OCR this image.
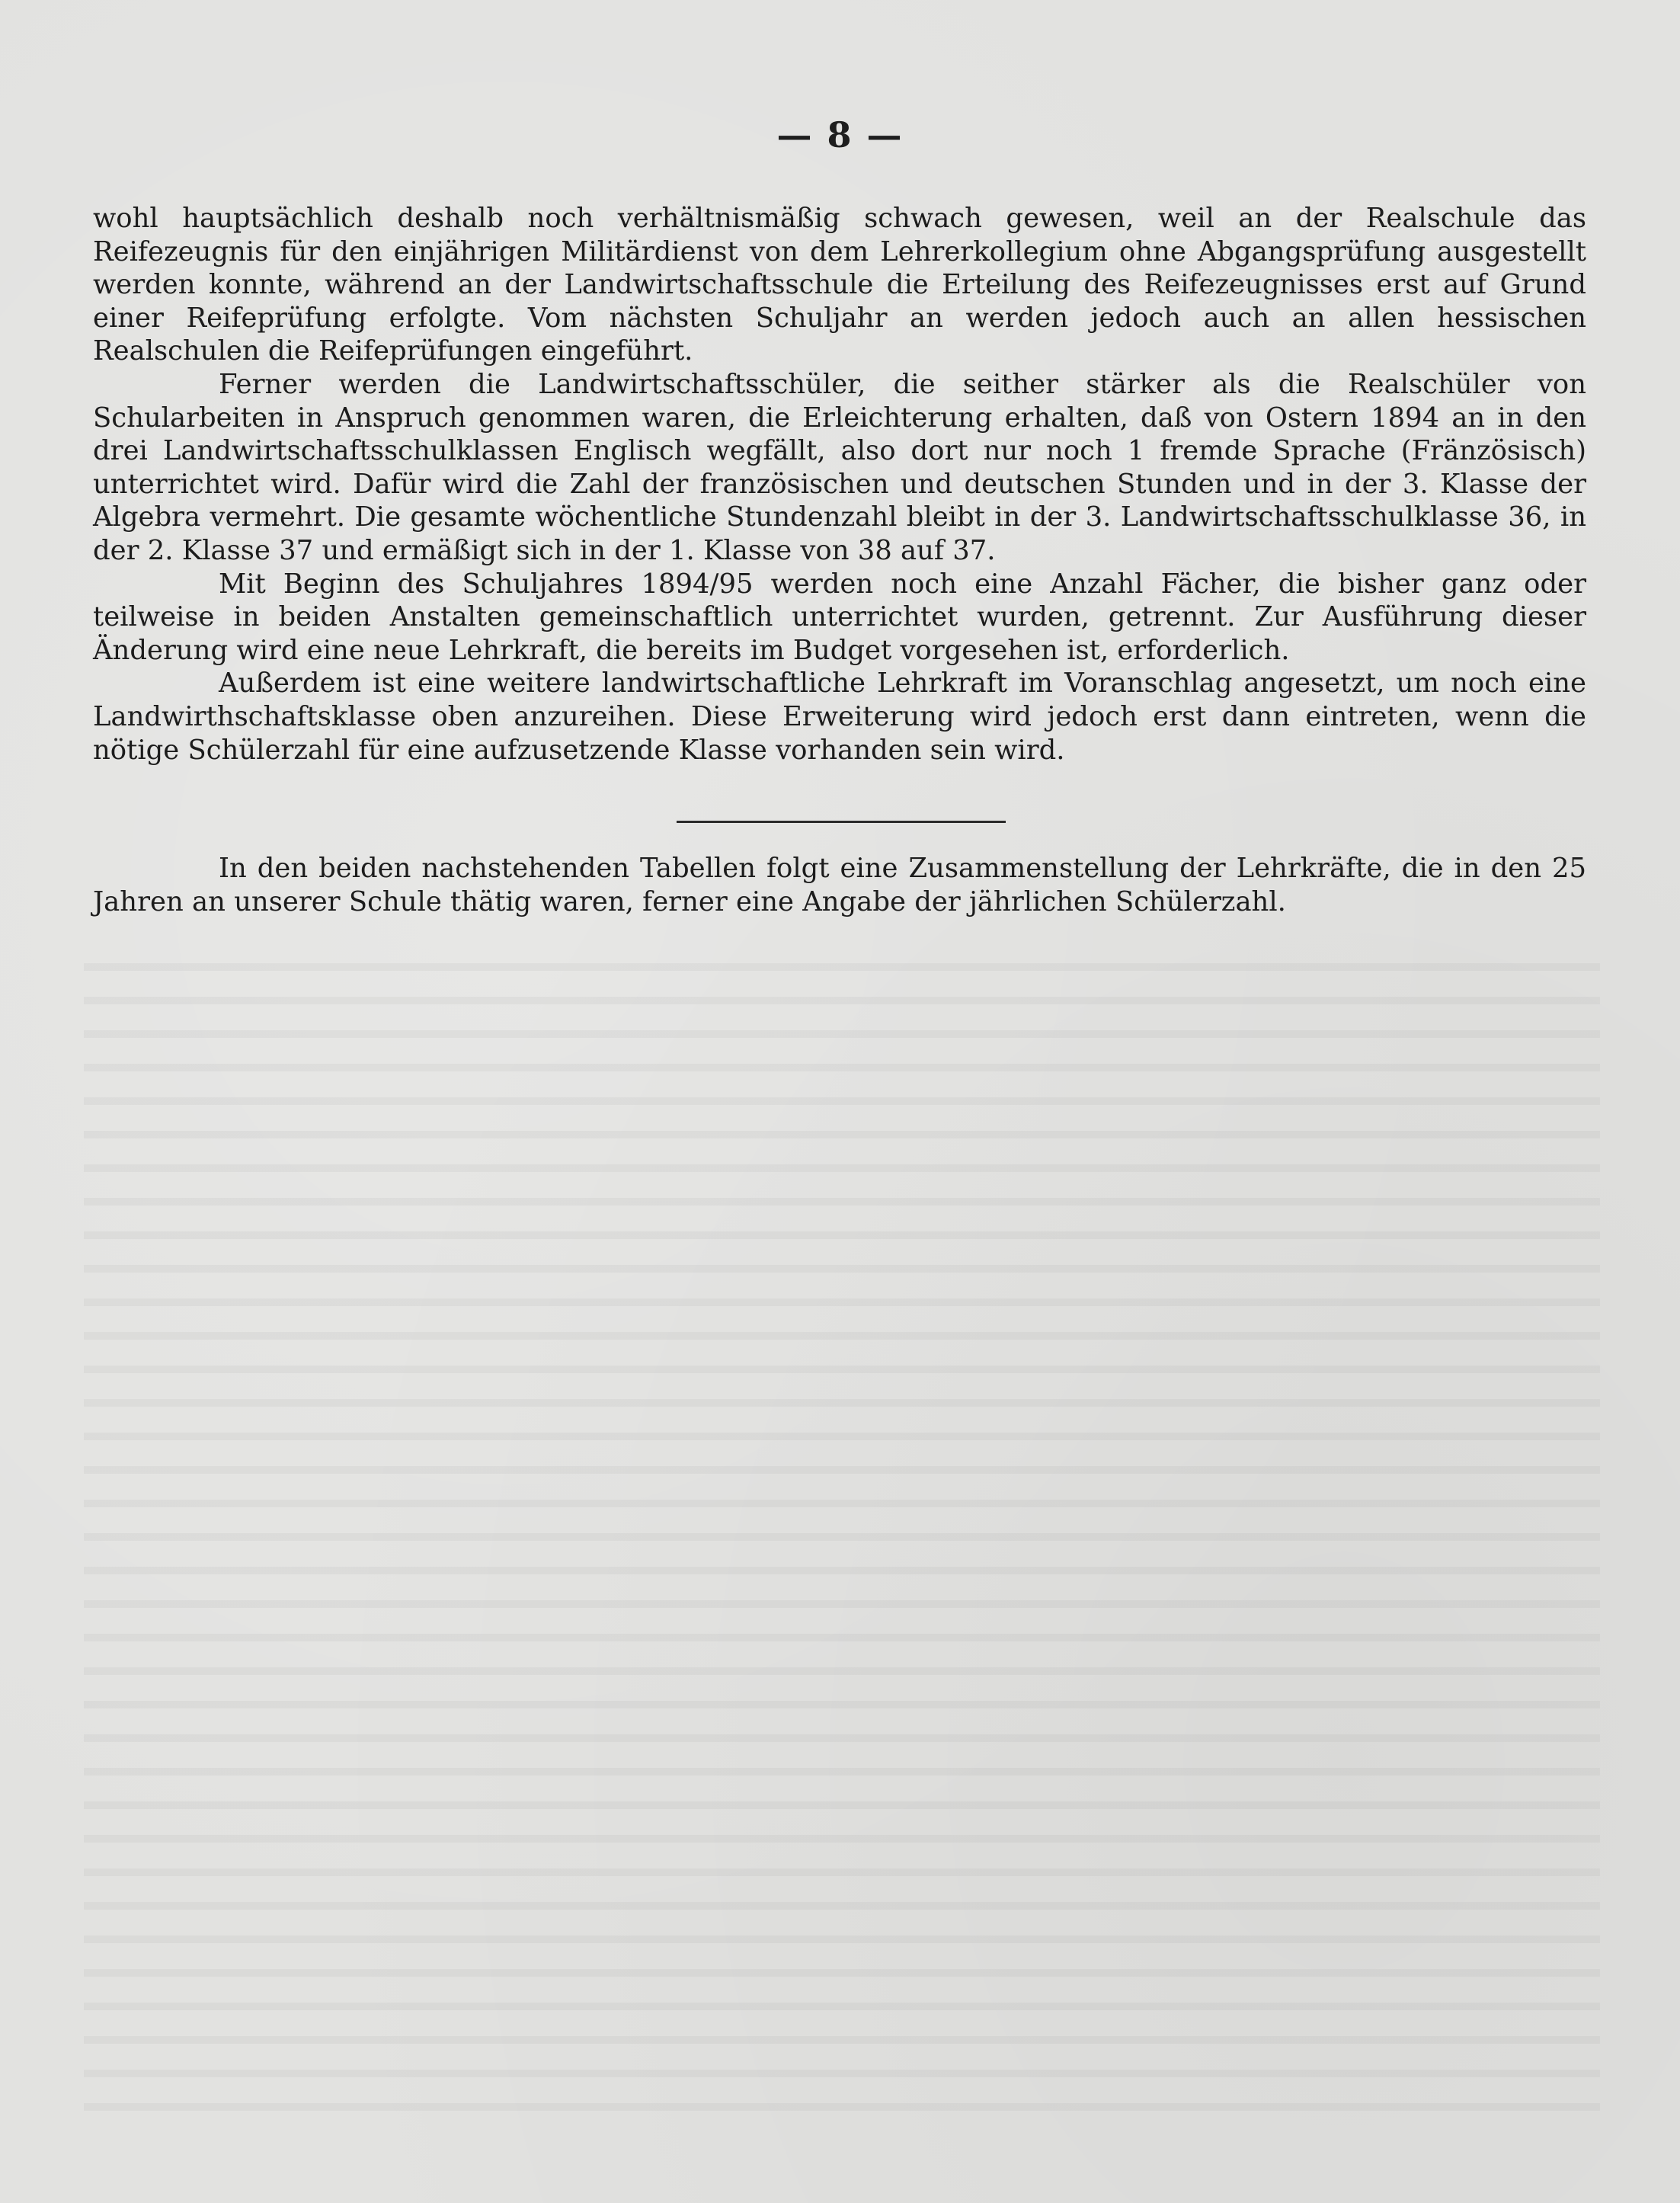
— 8 —

wohl hauptsächlich deshalb noch verhältnismäßig schwach gewesen, weil an der Realschule das Reifezeugnis für den einjährigen Militärdienst von dem Lehrerkollegium ohne Abgangsprüfung ausgestellt werden konnte, während an der Landwirtschaftsschule die Erteilung des Reifezeugnisses erst auf Grund einer Reifeprüfung erfolgte. Vom nächsten Schuljahr an werden jedoch auch an allen hessischen Realschulen die Reifeprüfungen eingeführt.

Ferner werden die Landwirtschaftsschüler, die seither stärker als die Realschüler von Schularbeiten in Anspruch genommen waren, die Erleichterung erhalten, daß von Ostern 1894 an in den drei Landwirtschaftsschulklassen Englisch wegfällt, also dort nur noch 1 fremde Sprache (Fränzösisch) unterrichtet wird. Dafür wird die Zahl der französischen und deutschen Stunden und in der 3. Klasse der Algebra vermehrt. Die gesamte wöchentliche Stundenzahl bleibt in der 3. Landwirtschaftsschulklasse 36, in der 2. Klasse 37 und ermäßigt sich in der 1. Klasse von 38 auf 37.

Mit Beginn des Schuljahres 1894/95 werden noch eine Anzahl Fächer, die bisher ganz oder teilweise in beiden Anstalten gemeinschaftlich unterrichtet wurden, getrennt. Zur Ausführung dieser Änderung wird eine neue Lehrkraft, die bereits im Budget vorgesehen ist, erforderlich.

Außerdem ist eine weitere landwirtschaftliche Lehrkraft im Voranschlag angesetzt, um noch eine Landwirthschaftsklasse oben anzureihen. Diese Erweiterung wird jedoch erst dann eintreten, wenn die nötige Schülerzahl für eine aufzusetzende Klasse vorhanden sein wird.

In den beiden nachstehenden Tabellen folgt eine Zusammenstellung der Lehrkräfte, die in den 25 Jahren an unserer Schule thätig waren, ferner eine Angabe der jährlichen Schülerzahl.
